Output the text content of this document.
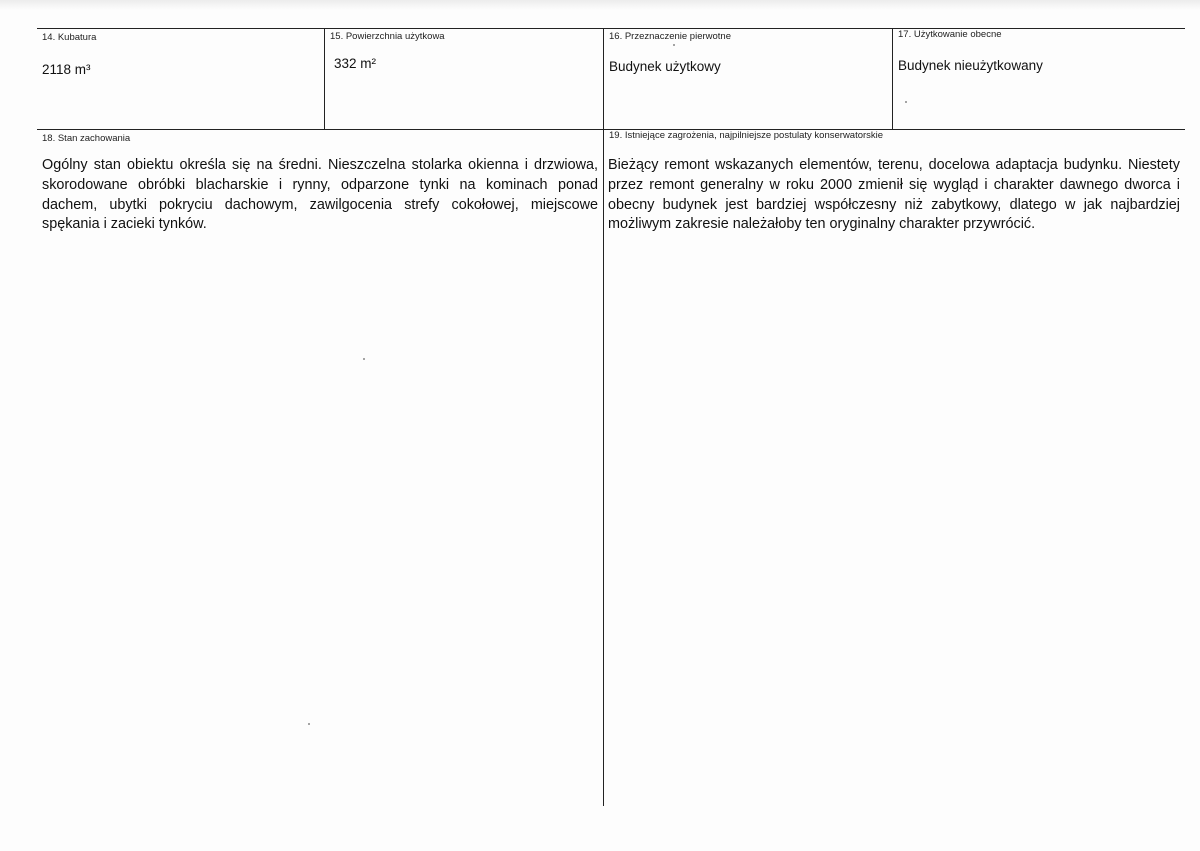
14. Kubatura
2118 m³
15. Powierzchnia użytkowa
332 m²
16. Przeznaczenie pierwotne
Budynek użytkowy
17. Użytkowanie obecne
Budynek nieużytkowany
18. Stan zachowania
Ogólny stan obiektu określa się na średni. Nieszczelna stolarka okienna i drzwiowa, skorodowane obróbki blacharskie i rynny, odparzone tynki na kominach ponad dachem, ubytki pokryciu dachowym, zawilgocenia strefy cokołowej, miejscowe spękania i zacieki tynków.
19. Istniejące zagrożenia, najpilniejsze postulaty konserwatorskie
Bieżący remont wskazanych elementów, terenu, docelowa adaptacja budynku. Niestety przez remont generalny w roku 2000 zmienił się wygląd i charakter dawnego dworca i obecny budynek jest bardziej współczesny niż zabytkowy, dlatego w jak najbardziej możliwym zakresie należałoby ten oryginalny charakter przywrócić.
